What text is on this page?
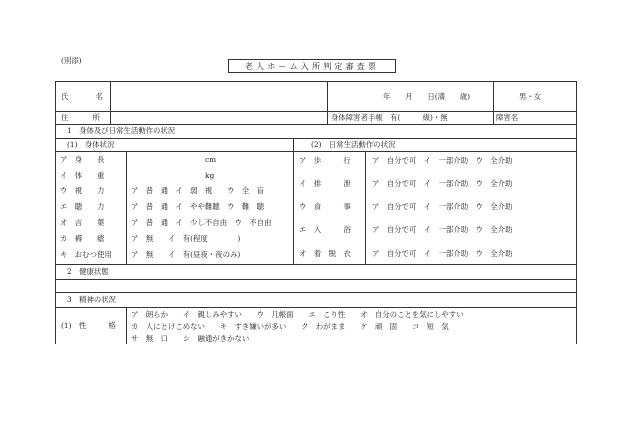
(別添)
老人ホーム入所判定審査票
氏	名	年　　月　　日(満　　歳)	男・女
住所	身体障害者手帳　有(　　　級)・無	障害名
1　身体及び日常生活動作の状況
(1)　身体状況	(2)　日常生活動作の状況
ア　身　　長	cm
イ　体　　重	kg
ウ　視　　力	ア　普　通　イ　弱　視　　ウ　全　盲
エ　聴　　力	ア　普　通　イ　やや難聴　ウ　難　聴
オ　言　　葉	ア　普　通　イ　少し不自由　ウ　不自由
カ　褥　　瘡	ア　無　　イ　有(程度　　　　)
キ　おむつ使用	ア　無　　イ　有(昼夜・夜のみ)
ア　歩　　　行	ア　自分で可　イ　一部介助　ウ　全介助
イ　排　　　泄	ア　自分で可　イ　一部介助　ウ　全介助
ウ　食　　　事	ア　自分で可　イ　一部介助　ウ　全介助
エ　入　　　浴	ア　自分で可　イ　一部介助　ウ　全介助
オ　着　脱　衣	ア　自分で可　イ　一部介助　ウ　全介助
2　健康状態
3　精神の状況
(1)　性　　　格
ア　朗らか　　イ　親しみやすい　　ウ　几帳面　　エ　こり性　　オ　自分のことを気にしやすい
カ　人にとけこめない　　キ　すき嫌いが多い　　ク　わがまま　　ケ　頑　固　　コ　短　気
サ　無　口　　シ　融通がきかない
